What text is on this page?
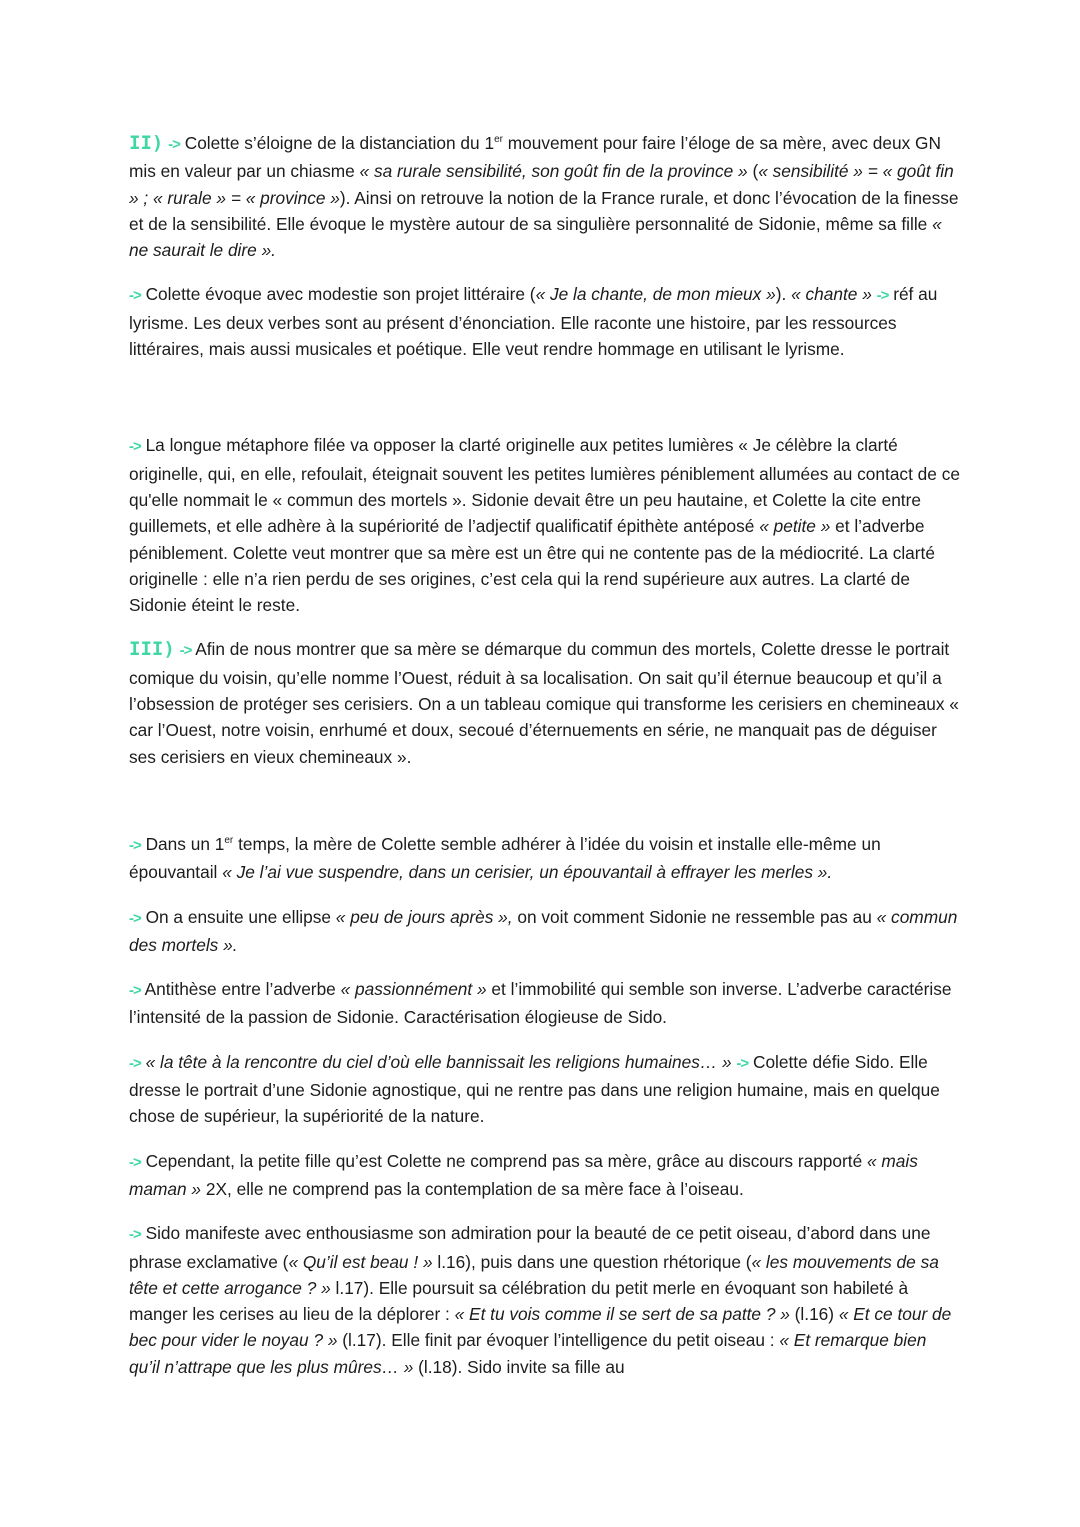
II) -> Colette s’éloigne de la distanciation du 1er mouvement pour faire l’éloge de sa mère, avec deux GN mis en valeur par un chiasme « sa rurale sensibilité, son goût fin de la province » (« sensibilité » = « goût fin » ; « rurale » = « province »). Ainsi on retrouve la notion de la France rurale, et donc l’évocation de la finesse et de la sensibilité. Elle évoque le mystère autour de sa singulière personnalité de Sidonie, même sa fille « ne saurait le dire ».

-> Colette évoque avec modestie son projet littéraire (« Je la chante, de mon mieux »). « chante » -> réf au lyrisme. Les deux verbes sont au présent d’énonciation. Elle raconte une histoire, par les ressources littéraires, mais aussi musicales et poétique. Elle veut rendre hommage en utilisant le lyrisme.

-> La longue métaphore filée va opposer la clarté originelle aux petites lumières « Je célèbre la clarté originelle, qui, en elle, refoulait, éteignait souvent les petites lumières péniblement allumées au contact de ce qu'elle nommait le « commun des mortels ». Sidonie devait être un peu hautaine, et Colette la cite entre guillemets, et elle adhère à la supériorité de l’adjectif qualificatif épithète antéposé « petite » et l’adverbe péniblement. Colette veut montrer que sa mère est un être qui ne contente pas de la médiocrité. La clarté originelle : elle n’a rien perdu de ses origines, c’est cela qui la rend supérieure aux autres. La clarté de Sidonie éteint le reste.

III) -> Afin de nous montrer que sa mère se démarque du commun des mortels, Colette dresse le portrait comique du voisin, qu’elle nomme l’Ouest, réduit à sa localisation. On sait qu’il éternue beaucoup et qu’il a l’obsession de protéger ses cerisiers. On a un tableau comique qui transforme les cerisiers en chemineaux « car l’Ouest, notre voisin, enrhumé et doux, secoué d’éternuements en série, ne manquait pas de déguiser ses cerisiers en vieux chemineaux ».

-> Dans un 1er temps, la mère de Colette semble adhérer à l’idée du voisin et installe elle-même un épouvantail « Je l’ai vue suspendre, dans un cerisier, un épouvantail à effrayer les merles ».

-> On a ensuite une ellipse « peu de jours après », on voit comment Sidonie ne ressemble pas au « commun des mortels ».

-> Antithèse entre l’adverbe « passionnément » et l’immobilité qui semble son inverse. L’adverbe caractérise l’intensité de la passion de Sidonie. Caractérisation élogieuse de Sido.

-> « la tête à la rencontre du ciel d’où elle bannissait les religions humaines… » -> Colette défie Sido. Elle dresse le portrait d’une Sidonie agnostique, qui ne rentre pas dans une religion humaine, mais en quelque chose de supérieur, la supériorité de la nature.

-> Cependant, la petite fille qu’est Colette ne comprend pas sa mère, grâce au discours rapporté « mais maman » 2X, elle ne comprend pas la contemplation de sa mère face à l’oiseau.

-> Sido manifeste avec enthousiasme son admiration pour la beauté de ce petit oiseau, d’abord dans une phrase exclamative (« Qu’il est beau ! » l.16), puis dans une question rhétorique (« les mouvements de sa tête et cette arrogance ? » l.17). Elle poursuit sa célébration du petit merle en évoquant son habileté à manger les cerises au lieu de la déplorer : « Et tu vois comme il se sert de sa patte ? » (l.16) « Et ce tour de bec pour vider le noyau ? » (l.17). Elle finit par évoquer l’intelligence du petit oiseau : « Et remarque bien qu’il n’attrape que les plus mûres… » (l.18). Sido invite sa fille au
